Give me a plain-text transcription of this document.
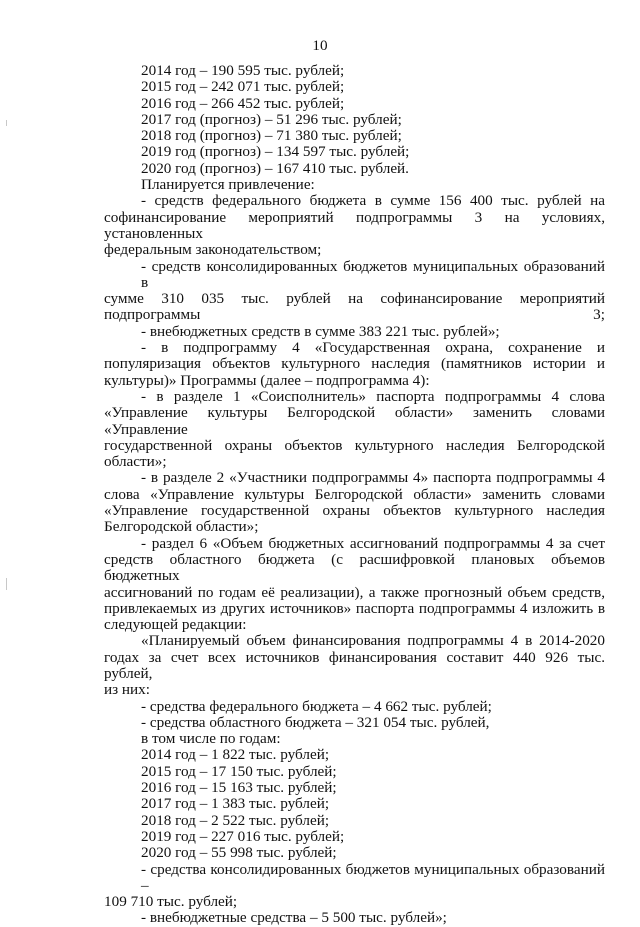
10
2014 год – 190 595 тыс. рублей;
2015 год – 242 071 тыс. рублей;
2016 год – 266 452 тыс. рублей;
2017 год (прогноз) – 51 296 тыс. рублей;
2018 год (прогноз) – 71 380 тыс. рублей;
2019 год (прогноз) – 134 597 тыс. рублей;
2020 год (прогноз) – 167 410 тыс. рублей.
Планируется привлечение:
- средств федерального бюджета в сумме 156 400 тыс. рублей на
софинансирование мероприятий подпрограммы 3 на условиях, установленных
федеральным законодательством;
- средств консолидированных бюджетов муниципальных образований в
сумме 310 035 тыс. рублей на софинансирование мероприятий подпрограммы 3;
- внебюджетных средств в сумме 383 221 тыс. рублей»;
- в подпрограмму 4 «Государственная охрана, сохранение и
популяризация объектов культурного наследия (памятников истории и
культуры)» Программы (далее – подпрограмма 4):
- в разделе 1 «Соисполнитель» паспорта подпрограммы 4 слова
«Управление культуры Белгородской области» заменить словами «Управление
государственной охраны объектов культурного наследия Белгородской
области»;
- в разделе 2 «Участники подпрограммы 4» паспорта подпрограммы 4
слова «Управление культуры Белгородской области» заменить словами
«Управление государственной охраны объектов культурного наследия
Белгородской области»;
- раздел 6 «Объем бюджетных ассигнований подпрограммы 4 за счет
средств областного бюджета (с расшифровкой плановых объемов бюджетных
ассигнований по годам её реализации), а также прогнозный объем средств,
привлекаемых из других источников» паспорта подпрограммы 4 изложить в
следующей редакции:
«Планируемый объем финансирования подпрограммы 4 в 2014-2020
годах за счет всех источников финансирования составит 440 926 тыс. рублей,
из них:
- средства федерального бюджета – 4 662 тыс. рублей;
- средства областного бюджета – 321 054 тыс. рублей,
в том числе по годам:
2014 год – 1 822 тыс. рублей;
2015 год – 17 150 тыс. рублей;
2016 год – 15 163 тыс. рублей;
2017 год – 1 383 тыс. рублей;
2018 год – 2 522 тыс. рублей;
2019 год – 227 016 тыс. рублей;
2020 год – 55 998 тыс. рублей;
- средства консолидированных бюджетов муниципальных образований –
109 710 тыс. рублей;
- внебюджетные средства – 5 500 тыс. рублей»;
